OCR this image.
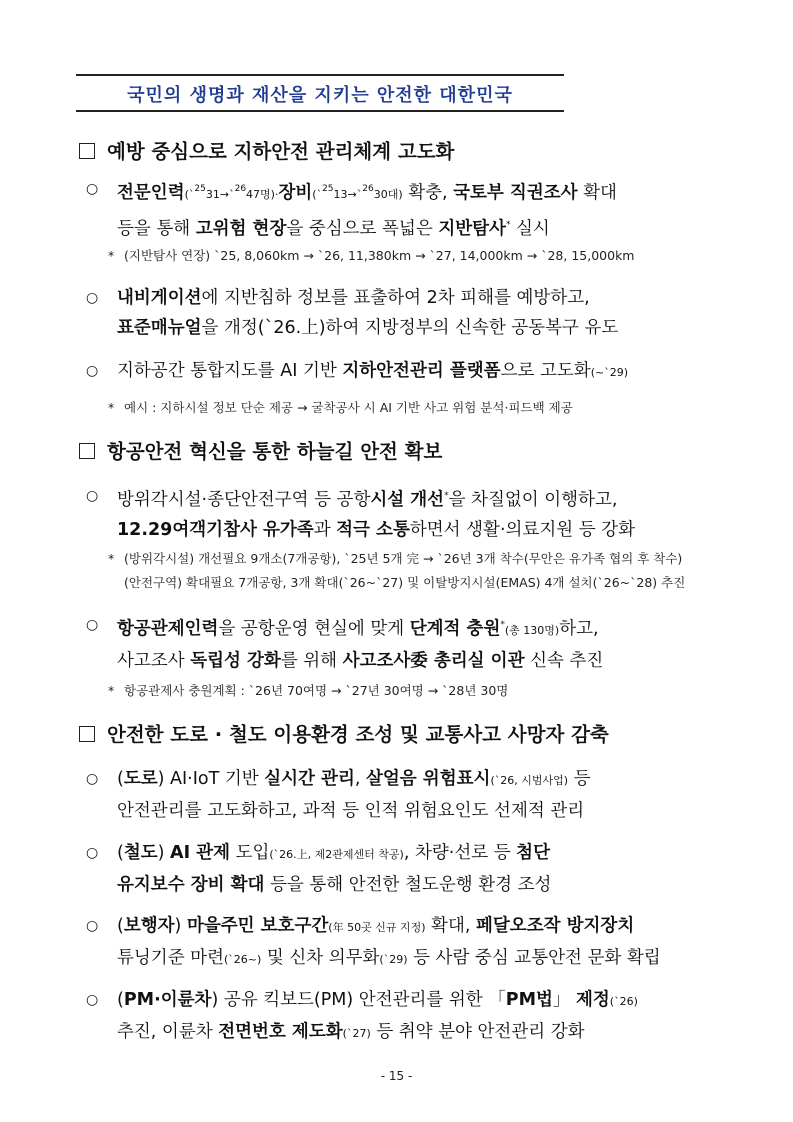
국민의 생명과 재산을 지키는 안전한 대한민국
예방 중심으로 지하안전 관리체계 고도화
○	전문인력(`$^{25}$31→`$^{26}$47명)·장비(`$^{25}$13→`$^{26}$30대) 확충, 국토부 직권조사 확대
등을 통해 고위험 현장을 중심으로 폭넓은 지반탐사* 실시
* (지반탐사 연장) `25, 8,060km → `26, 11,380km → `27, 14,000km → `28, 15,000km
○	내비게이션에 지반침하 정보를 표출하여 2차 피해를 예방하고,
표준매뉴얼을 개정(`26.上)하여 지방정부의 신속한 공동복구 유도
○	지하공간 통합지도를 AI 기반 지하안전관리 플랫폼으로 고도화(~`29)
* 예시 : 지하시설 정보 단순 제공 → 굴착공사 시 AI 기반 사고 위험 분석·피드백 제공
항공안전 혁신을 통한 하늘길 안전 확보
○	방위각시설·종단안전구역 등 공항시설 개선*을 차질없이 이행하고,
12.29여객기참사 유가족과 적극 소통하면서 생활·의료지원 등 강화
* (방위각시설) 개선필요 9개소(7개공항), `25년 5개 完 → `26년 3개 착수(무안은 유가족 협의 후 착수)
(안전구역) 확대필요 7개공항, 3개 확대(`26~`27) 및 이탈방지시설(EMAS) 4개 설치(`26~`28) 추진
○	항공관제인력을 공항운영 현실에 맞게 단계적 충원*(총 130명)하고,
사고조사 독립성 강화를 위해 사고조사委 총리실 이관 신속 추진
* 항공관제사 충원계획 : `26년 70여명 → `27년 30여명 → `28년 30명
안전한 도로 · 철도 이용환경 조성 및 교통사고 사망자 감축
○	(도로) AI·IoT 기반 실시간 관리, 살얼음 위험표시(`26, 시범사업) 등
안전관리를 고도화하고, 과적 등 인적 위험요인도 선제적 관리
○	(철도) AI 관제 도입(`26.上, 제2관제센터 착공), 차량·선로 등 첨단
유지보수 장비 확대 등을 통해 안전한 철도운행 환경 조성
○	(보행자) 마을주민 보호구간(年 50곳 신규 지정) 확대, 페달오조작 방지장치
튜닝기준 마련(`26~) 및 신차 의무화(`29) 등 사람 중심 교통안전 문화 확립
○	(PM·이륜차) 공유 킥보드(PM) 안전관리를 위한 「PM법」 제정(`26)
추진, 이륜차 전면번호 제도화(`27) 등 취약 분야 안전관리 강화
- 15 -
